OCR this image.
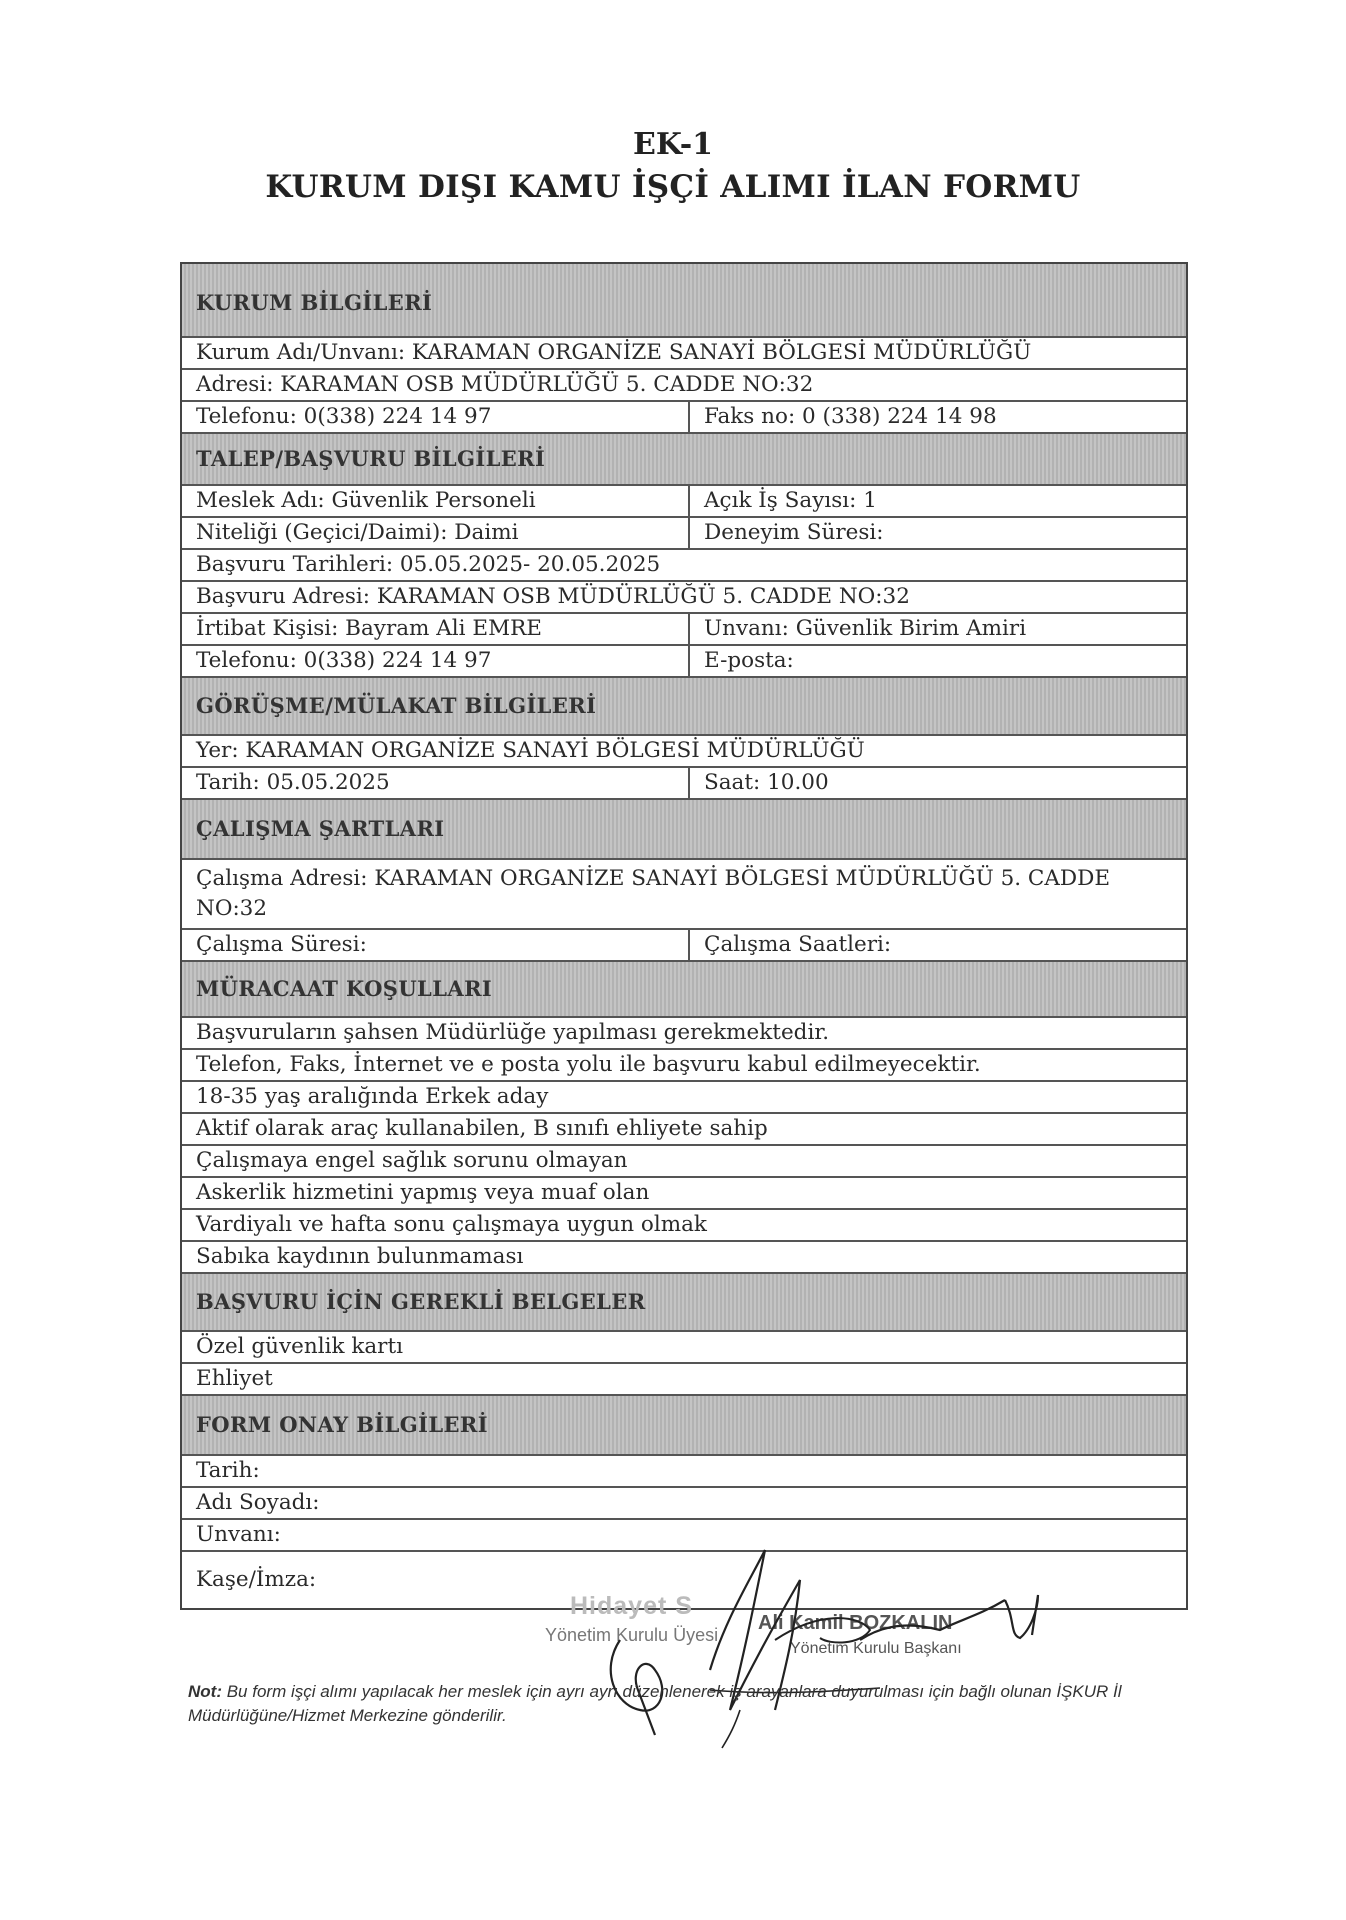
EK-1
KURUM DIŞI KAMU İŞÇİ ALIMI İLAN FORMU
KURUM BİLGİLERİ
Kurum Adı/Unvanı: KARAMAN ORGANİZE SANAYİ BÖLGESİ MÜDÜRLÜĞÜ
Adresi: KARAMAN OSB MÜDÜRLÜĞÜ 5. CADDE NO:32
Telefonu: 0(338) 224 14 97	Faks no: 0 (338) 224 14 98
TALEP/BAŞVURU BİLGİLERİ
Meslek Adı: Güvenlik Personeli	Açık İş Sayısı: 1
Niteliği (Geçici/Daimi): Daimi	Deneyim Süresi:
Başvuru Tarihleri: 05.05.2025- 20.05.2025
Başvuru Adresi: KARAMAN OSB MÜDÜRLÜĞÜ 5. CADDE NO:32
İrtibat Kişisi: Bayram Ali EMRE	Unvanı: Güvenlik Birim Amiri
Telefonu: 0(338) 224 14 97	E-posta:
GÖRÜŞME/MÜLAKAT BİLGİLERİ
Yer: KARAMAN ORGANİZE SANAYİ BÖLGESİ MÜDÜRLÜĞÜ
Tarih: 05.05.2025	Saat: 10.00
ÇALIŞMA ŞARTLARI
Çalışma Adresi: KARAMAN ORGANİZE SANAYİ BÖLGESİ MÜDÜRLÜĞÜ 5. CADDE NO:32
Çalışma Süresi:	Çalışma Saatleri:
MÜRACAAT KOŞULLARI
Başvuruların şahsen Müdürlüğe yapılması gerekmektedir.
Telefon, Faks, İnternet ve e posta yolu ile başvuru kabul edilmeyecektir.
18-35 yaş aralığında Erkek aday
Aktif olarak araç kullanabilen, B sınıfı ehliyete sahip
Çalışmaya engel sağlık sorunu olmayan
Askerlik hizmetini yapmış veya muaf olan
Vardiyalı ve hafta sonu çalışmaya uygun olmak
Sabıka kaydının bulunmaması
BAŞVURU İÇİN GEREKLİ BELGELER
Özel güvenlik kartı
Ehliyet
FORM ONAY BİLGİLERİ
Tarih:
Adı Soyadı:
Unvanı:
Kaşe/İmza:
Hidayet S
Yönetim Kurulu Üyesi
Ali Kamil BOZKALIN
Yönetim Kurulu Başkanı
Not: Bu form işçi alımı yapılacak her meslek için ayrı ayrı düzenlenerek iş arayanlara duyurulması için bağlı olunan İŞKUR İl Müdürlüğüne/Hizmet Merkezine gönderilir.
